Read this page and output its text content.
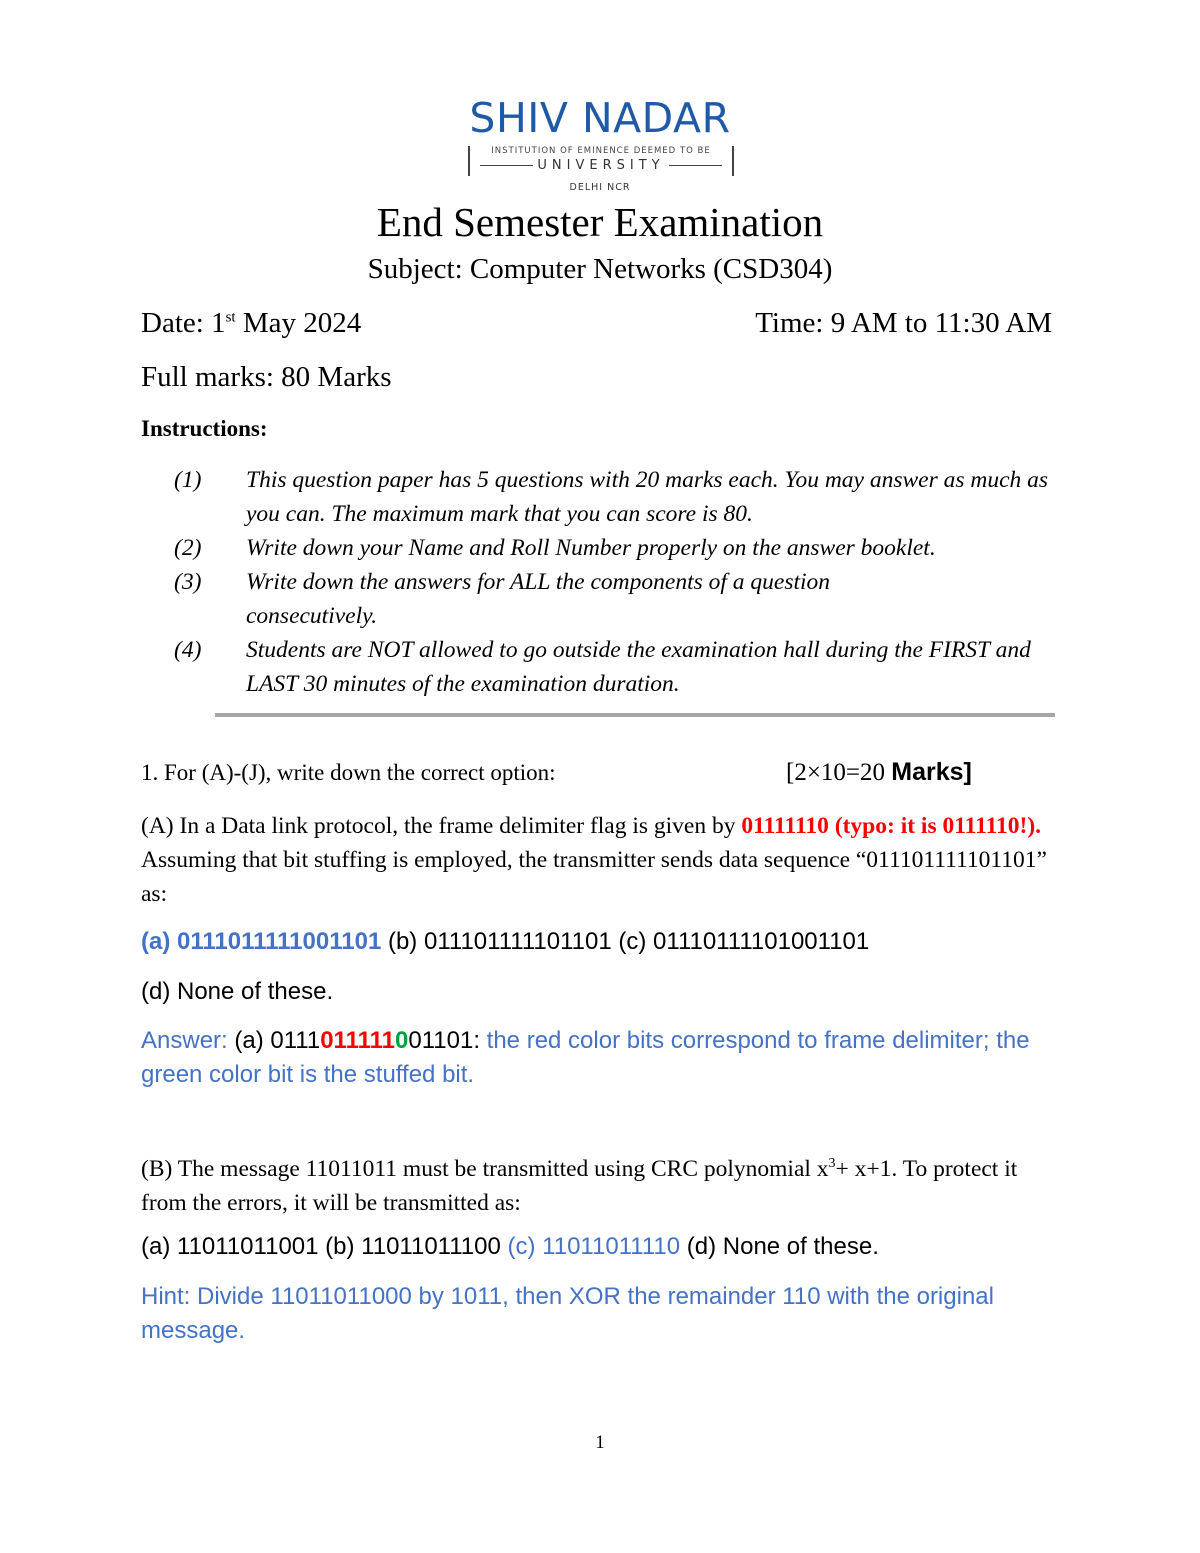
SHIV NADAR
INSTITUTION OF EMINENCE DEEMED TO BE
UNIVERSITY
DELHI NCR
End Semester Examination
Subject: Computer Networks (CSD304)
Date: 1st May 2024	Time: 9 AM to 11:30 AM
Full marks: 80 Marks
Instructions:
(1) This question paper has 5 questions with 20 marks each. You may answer as much as you can. The maximum mark that you can score is 80.
(2) Write down your Name and Roll Number properly on the answer booklet.
(3) Write down the answers for ALL the components of a question consecutively.
(4) Students are NOT allowed to go outside the examination hall during the FIRST and LAST 30 minutes of the examination duration.
1. For (A)-(J), write down the correct option:	[2×10=20 Marks]
(A) In a Data link protocol, the frame delimiter flag is given by 01111110 (typo: it is 0111110!). Assuming that bit stuffing is employed, the transmitter sends data sequence “011101111101101” as:
(a) 0111011111001101 (b) 011101111101101 (c) 01110111101001101
(d) None of these.
Answer: (a) 0111011111001101: the red color bits correspond to frame delimiter; the green color bit is the stuffed bit.
(B) The message 11011011 must be transmitted using CRC polynomial $x^3+ x+1$. To protect it from the errors, it will be transmitted as:
(a) 11011011001 (b) 11011011100 (c) 11011011110 (d) None of these.
Hint: Divide 11011011000 by 1011, then XOR the remainder 110 with the original message.
1
